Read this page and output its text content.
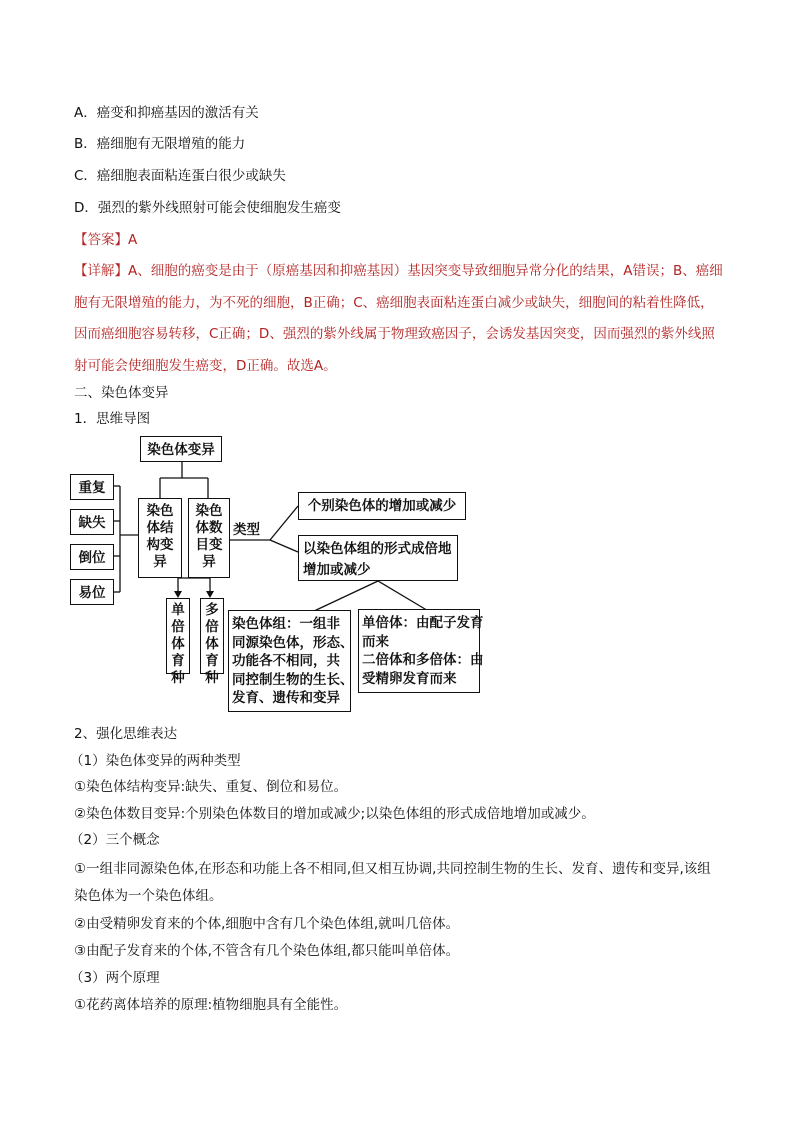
A．癌变和抑癌基因的激活有关
B．癌细胞有无限增殖的能力
C．癌细胞表面粘连蛋白很少或缺失
D．强烈的紫外线照射可能会使细胞发生癌变
【答案】A
【详解】A、细胞的癌变是由于（原癌基因和抑癌基因）基因突变导致细胞异常分化的结果，A错误；B、癌细胞有无限增殖的能力，为不死的细胞，B正确；C、癌细胞表面粘连蛋白减少或缺失，细胞间的粘着性降低，因而癌细胞容易转移，C正确；D、强烈的紫外线属于物理致癌因子，会诱发基因突变，因而强烈的紫外线照射可能会使细胞发生癌变，D正确。故选A。
二、染色体变异
1．思维导图
染色体变异
重复
缺失
倒位
易位
染色体结构变异
染色体数目变异
单倍体育种
多倍体育种
类型
个别染色体的增加或减少
以染色体组的形式成倍地
增加或减少
染色体组：一组非
同源染色体，形态、
功能各不相同，共
同控制生物的生长、
发育、遗传和变异
单倍体：由配子发育
而来
二倍体和多倍体：由
受精卵发育而来
2、强化思维表达
（1）染色体变异的两种类型
①染色体结构变异:缺失、重复、倒位和易位。
②染色体数目变异:个别染色体数目的增加或减少;以染色体组的形式成倍地增加或减少。
（2）三个概念
①一组非同源染色体,在形态和功能上各不相同,但又相互协调,共同控制生物的生长、发育、遗传和变异,该组染色体为一个染色体组。
②由受精卵发育来的个体,细胞中含有几个染色体组,就叫几倍体。
③由配子发育来的个体,不管含有几个染色体组,都只能叫单倍体。
（3）两个原理
①花药离体培养的原理:植物细胞具有全能性。
